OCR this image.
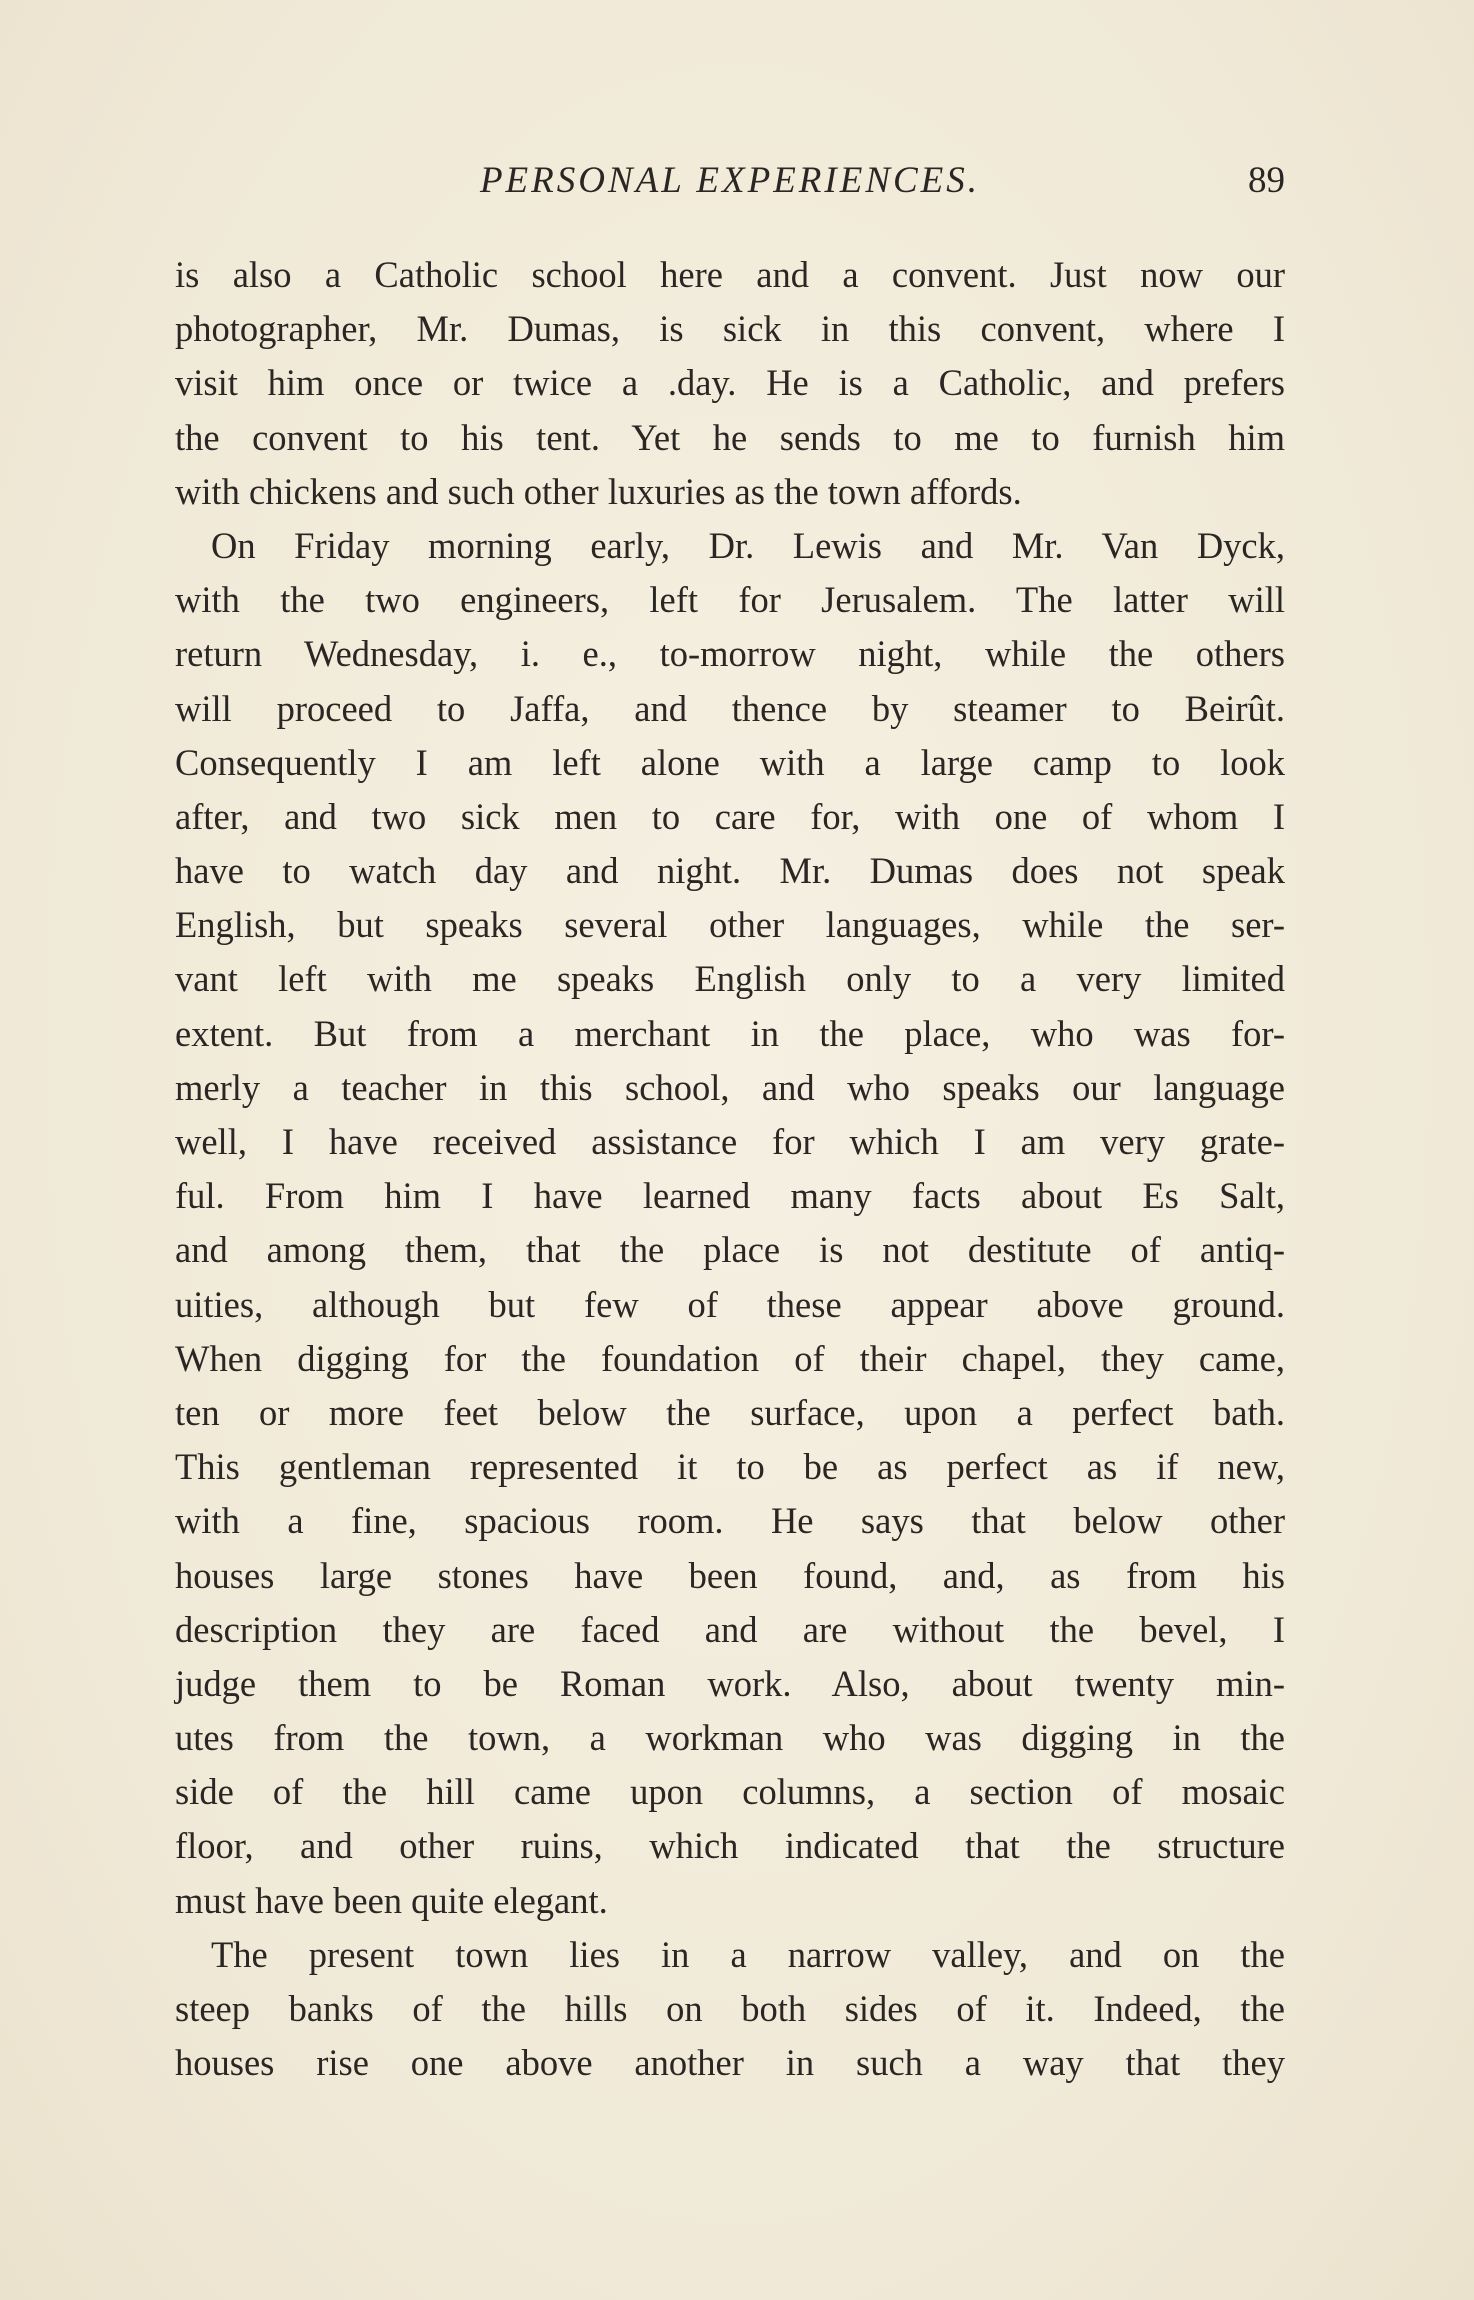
PERSONAL EXPERIENCES.	89
is also a Catholic school here and a convent. Just now our
photographer, Mr. Dumas, is sick in this convent, where I
visit him once or twice a .day. He is a Catholic, and prefers
the convent to his tent. Yet he sends to me to furnish him
with chickens and such other luxuries as the town affords.
On Friday morning early, Dr. Lewis and Mr. Van Dyck,
with the two engineers, left for Jerusalem. The latter will
return Wednesday, i. e., to-morrow night, while the others
will proceed to Jaffa, and thence by steamer to Beirût.
Consequently I am left alone with a large camp to look
after, and two sick men to care for, with one of whom I
have to watch day and night. Mr. Dumas does not speak
English, but speaks several other languages, while the ser-
vant left with me speaks English only to a very limited
extent. But from a merchant in the place, who was for-
merly a teacher in this school, and who speaks our language
well, I have received assistance for which I am very grate-
ful. From him I have learned many facts about Es Salt,
and among them, that the place is not destitute of antiq-
uities, although but few of these appear above ground.
When digging for the foundation of their chapel, they came,
ten or more feet below the surface, upon a perfect bath.
This gentleman represented it to be as perfect as if new,
with a fine, spacious room. He says that below other
houses large stones have been found, and, as from his
description they are faced and are without the bevel, I
judge them to be Roman work. Also, about twenty min-
utes from the town, a workman who was digging in the
side of the hill came upon columns, a section of mosaic
floor, and other ruins, which indicated that the structure
must have been quite elegant.
The present town lies in a narrow valley, and on the
steep banks of the hills on both sides of it. Indeed, the
houses rise one above another in such a way that they
